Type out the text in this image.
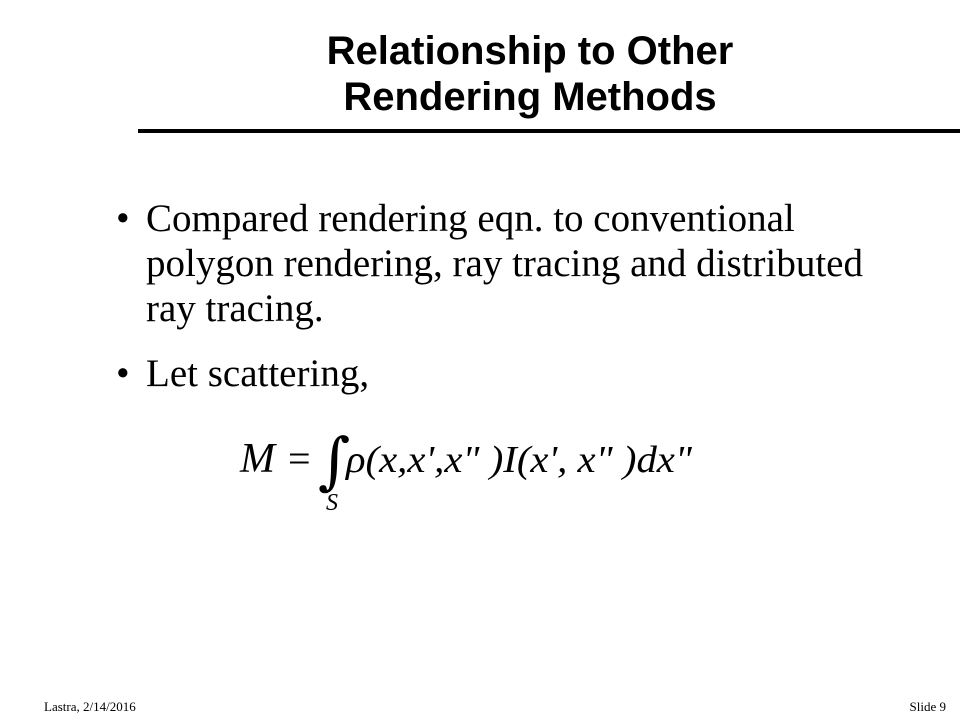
Relationship to Other
Rendering Methods
• Compared rendering eqn. to conventional polygon rendering, ray tracing and distributed ray tracing.
• Let scattering,
M = ∫
S
ρ(x,x',x" )I(x', x" )dx"
Lastra, 2/14/2016	Slide 9
